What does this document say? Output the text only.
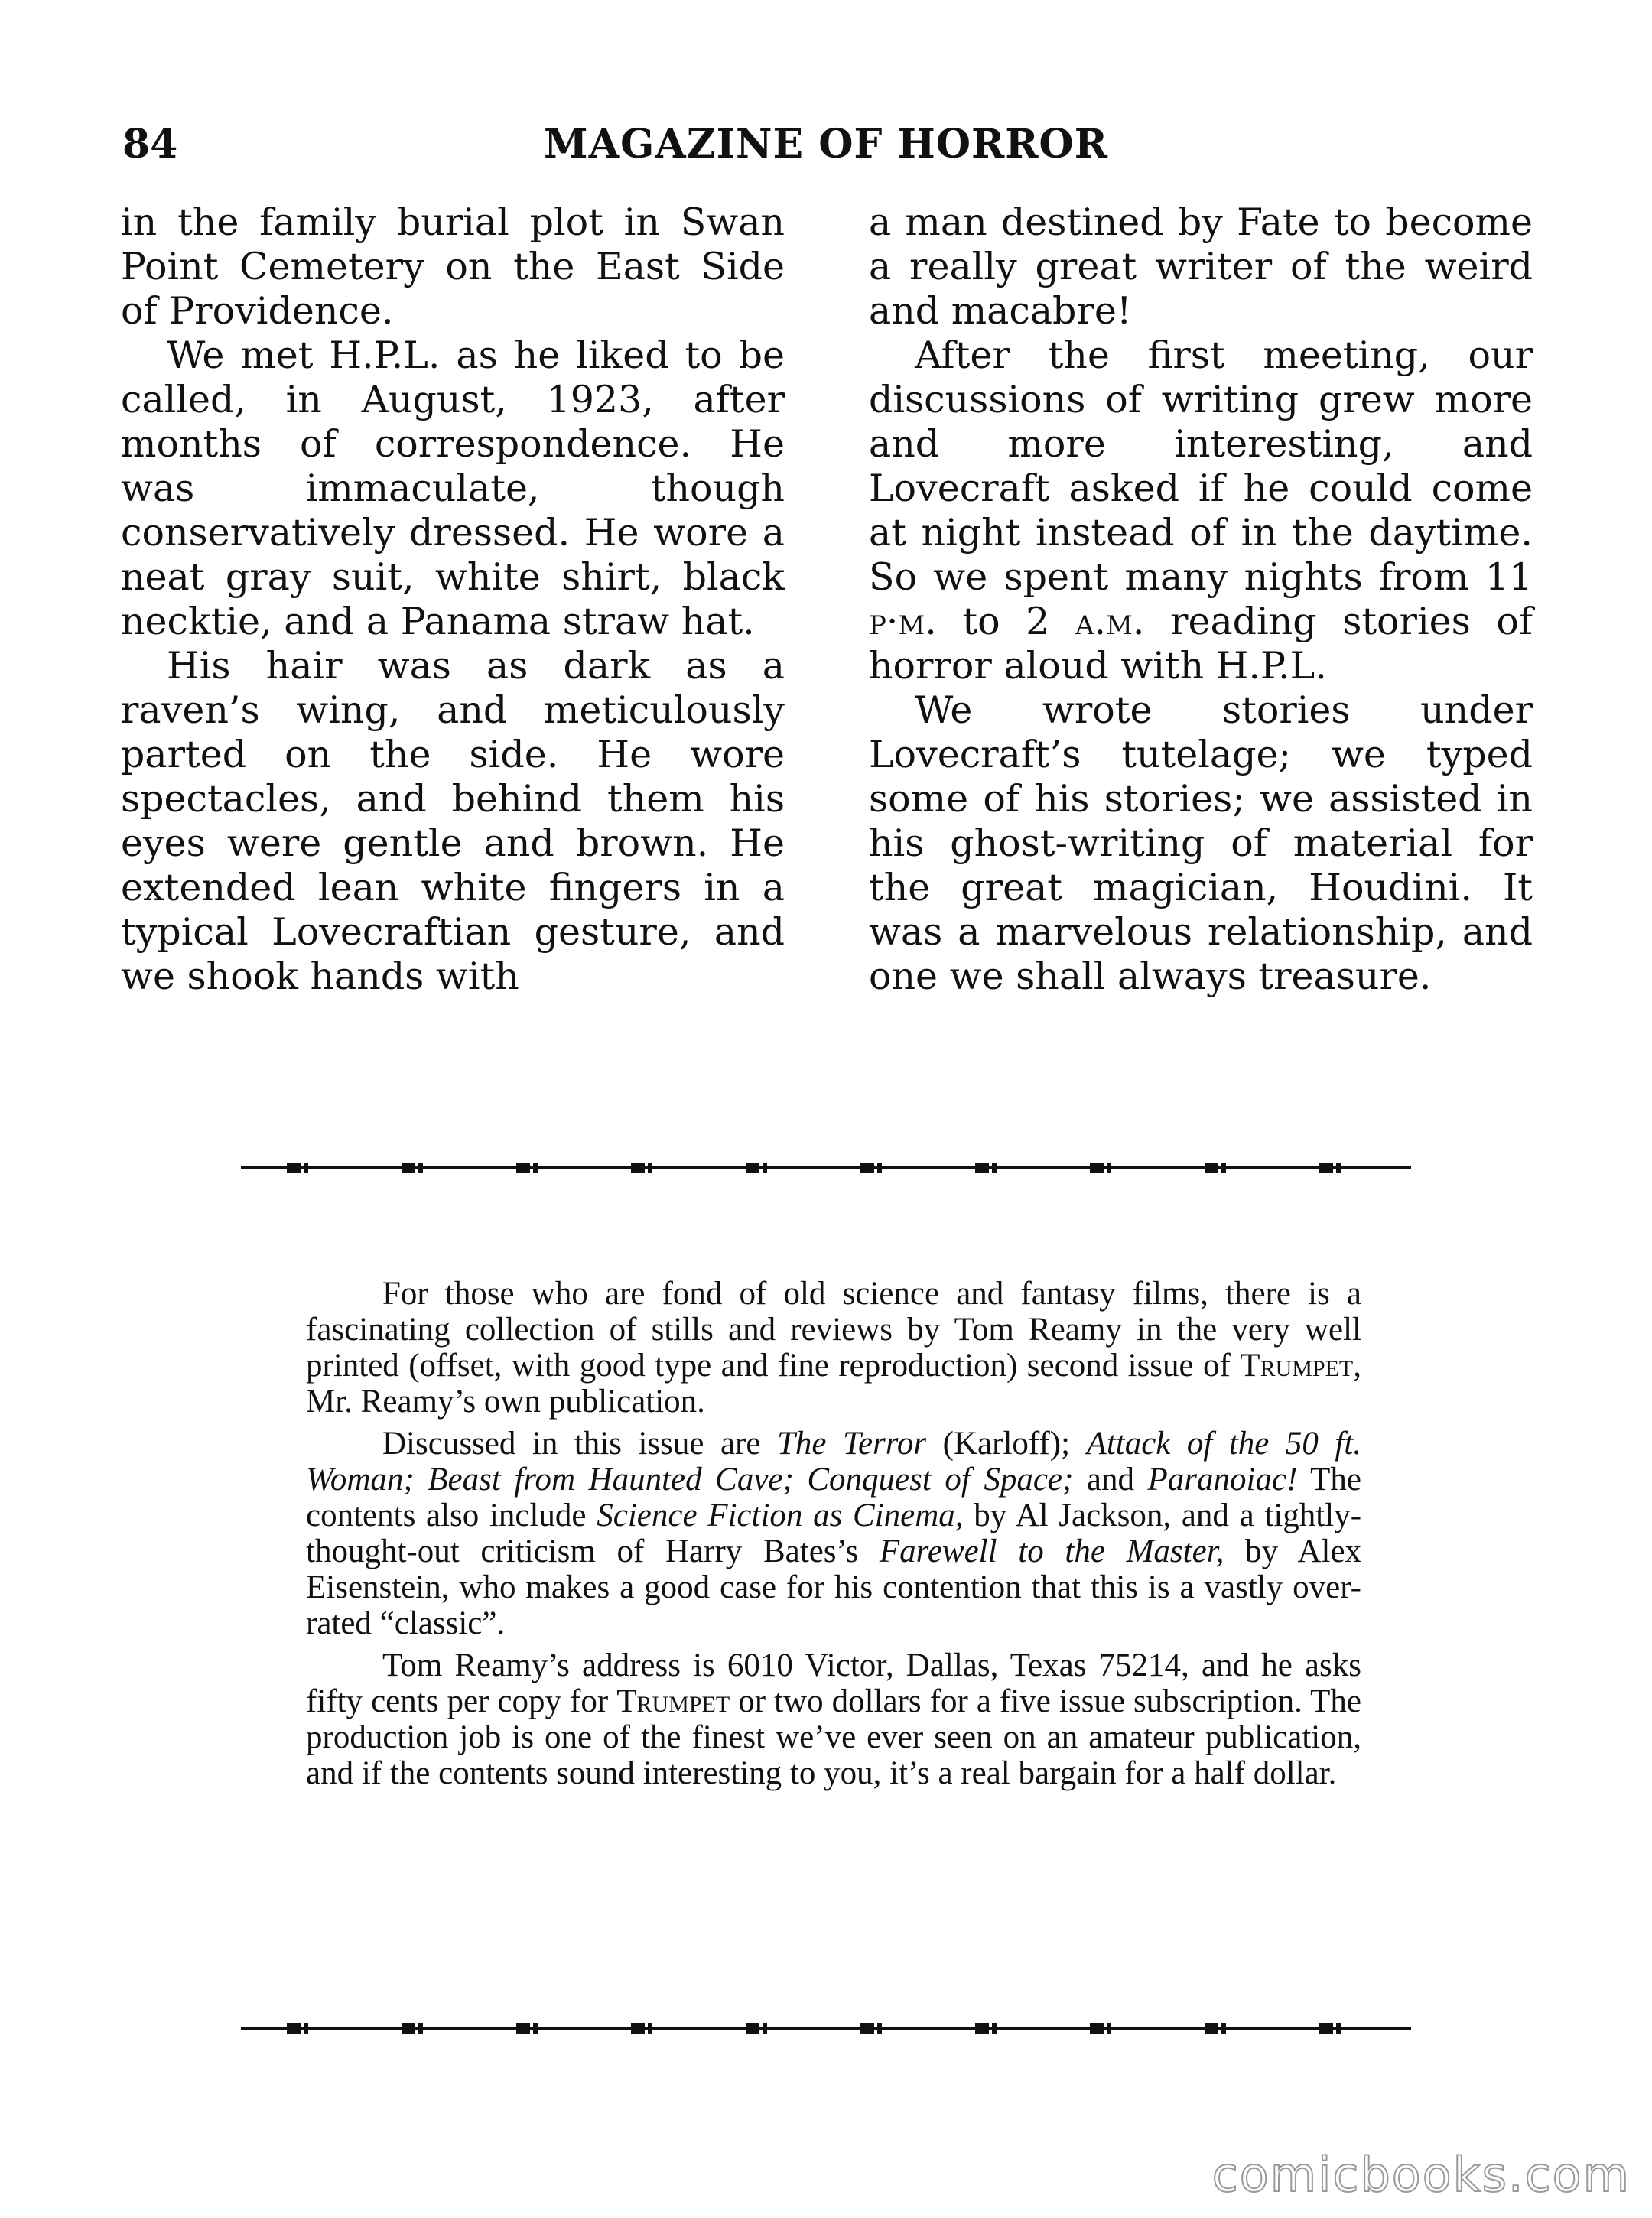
84	MAGAZINE OF HORROR

in the family burial plot in Swan Point Cemetery on the East Side of Providence.

We met H.P.L. as he liked to be called, in August, 1923, after months of correspondence. He was immaculate, though conservatively dressed. He wore a neat gray suit, white shirt, black necktie, and a Panama straw hat.

His hair was as dark as a raven’s wing, and meticulously parted on the side. He wore spectacles, and behind them his eyes were gentle and brown. He extended lean white fingers in a typical Lovecraftian gesture, and we shook hands with

a man destined by Fate to become a really great writer of the weird and macabre!

After the first meeting, our discussions of writing grew more and more interesting, and Lovecraft asked if he could come at night instead of in the daytime. So we spent many nights from 11 p·m. to 2 a.m. reading stories of horror aloud with H.P.L.

We wrote stories under Lovecraft’s tutelage; we typed some of his stories; we assisted in his ghost-writing of material for the great magician, Houdini. It was a marvelous relationship, and one we shall always treasure.

For those who are fond of old science and fantasy films, there is a fascinating collection of stills and reviews by Tom Reamy in the very well printed (offset, with good type and fine reproduction) second issue of Trumpet, Mr. Reamy’s own publication.

Discussed in this issue are The Terror (Karloff); Attack of the 50 ft. Woman; Beast from Haunted Cave; Conquest of Space; and Paranoiac! The contents also include Science Fiction as Cinema, by Al Jackson, and a tightly-thought-out criticism of Harry Bates’s Farewell to the Master, by Alex Eisenstein, who makes a good case for his contention that this is a vastly over-rated “classic”.

Tom Reamy’s address is 6010 Victor, Dallas, Texas 75214, and he asks fifty cents per copy for Trumpet or two dollars for a five issue subscription. The production job is one of the finest we’ve ever seen on an amateur publication, and if the contents sound interesting to you, it’s a real bargain for a half dollar.

comicbooks.com
